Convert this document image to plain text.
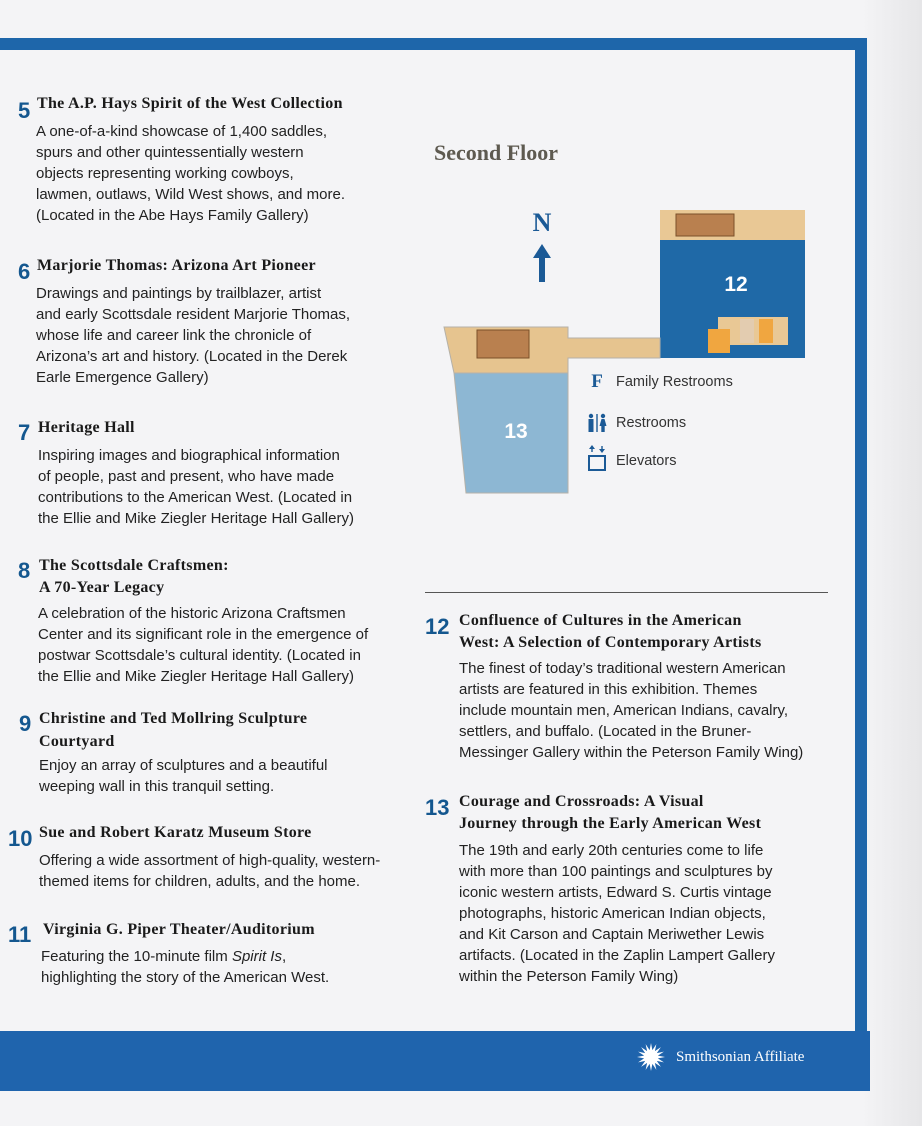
5 The A.P. Hays Spirit of the West Collection
A one-of-a-kind showcase of 1,400 saddles,
spurs and other quintessentially western
objects representing working cowboys,
lawmen, outlaws, Wild West shows, and more.
(Located in the Abe Hays Family Gallery)
6 Marjorie Thomas: Arizona Art Pioneer
Drawings and paintings by trailblazer, artist
and early Scottsdale resident Marjorie Thomas,
whose life and career link the chronicle of
Arizona’s art and history. (Located in the Derek
Earle Emergence Gallery)
7 Heritage Hall
Inspiring images and biographical information
of people, past and present, who have made
contributions to the American West. (Located in
the Ellie and Mike Ziegler Heritage Hall Gallery)
8 The Scottsdale Craftsmen:
A 70-Year Legacy
A celebration of the historic Arizona Craftsmen
Center and its significant role in the emergence of
postwar Scottsdale’s cultural identity. (Located in
the Ellie and Mike Ziegler Heritage Hall Gallery)
9 Christine and Ted Mollring Sculpture
Courtyard
Enjoy an array of sculptures and a beautiful
weeping wall in this tranquil setting.
10 Sue and Robert Karatz Museum Store
Offering a wide assortment of high-quality, western-
themed items for children, adults, and the home.
11 Virginia G. Piper Theater/Auditorium
Featuring the 10-minute film Spirit Is,
highlighting the story of the American West.
Second Floor
N
12
13
F Family Restrooms
Restrooms
Elevators
12 Confluence of Cultures in the American
West: A Selection of Contemporary Artists
The finest of today’s traditional western American
artists are featured in this exhibition. Themes
include mountain men, American Indians, cavalry,
settlers, and buffalo. (Located in the Bruner-
Messinger Gallery within the Peterson Family Wing)
13 Courage and Crossroads: A Visual
Journey through the Early American West
The 19th and early 20th centuries come to life
with more than 100 paintings and sculptures by
iconic western artists, Edward S. Curtis vintage
photographs, historic American Indian objects,
and Kit Carson and Captain Meriwether Lewis
artifacts. (Located in the Zaplin Lampert Gallery
within the Peterson Family Wing)
Smithsonian Affiliate
